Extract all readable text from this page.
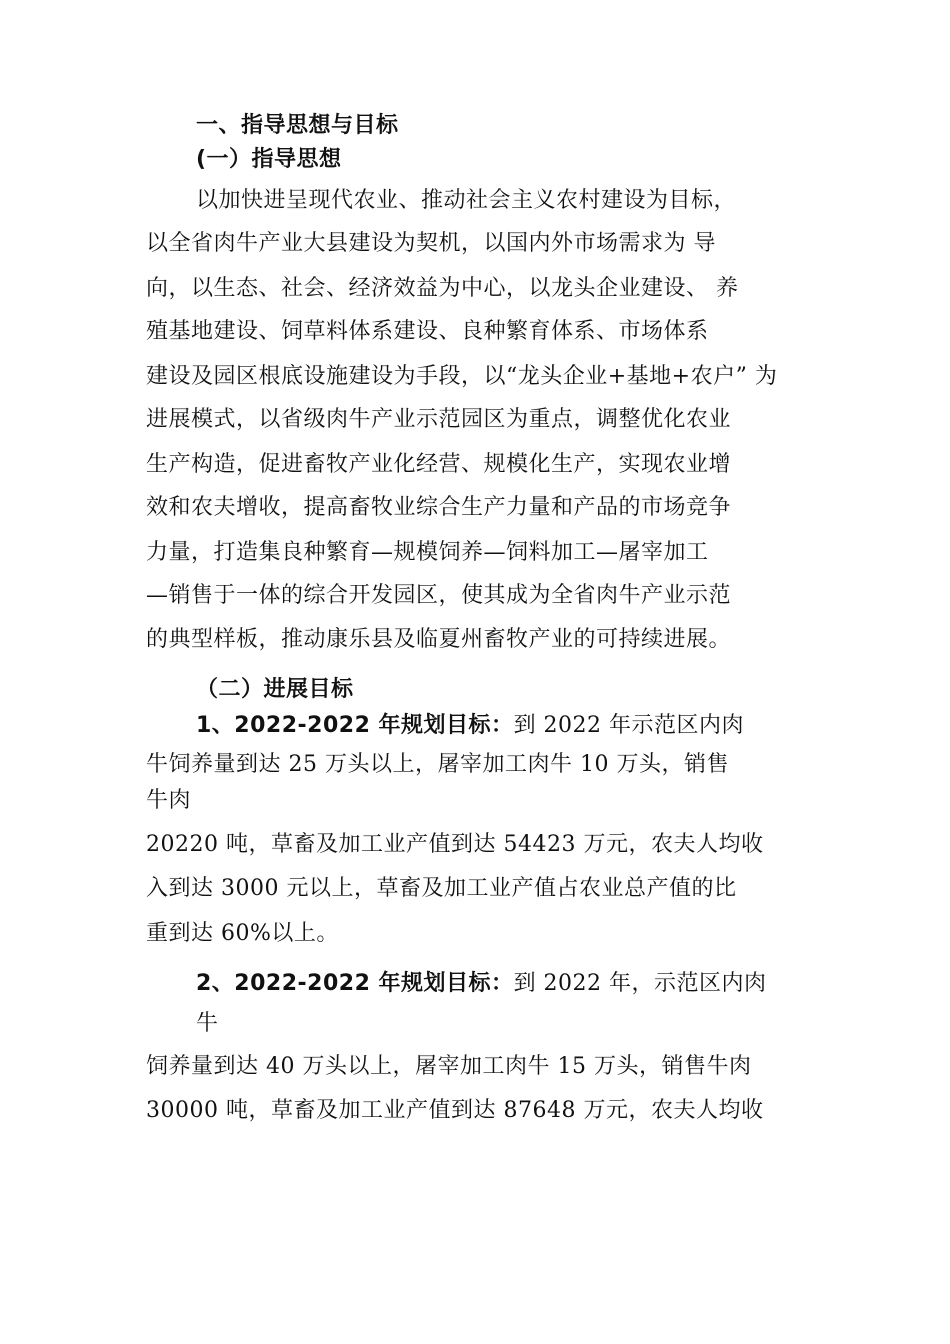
一、指导思想与目标
(一）指导思想
以加快进呈现代农业、推动社会主义农村建设为目标，
以全省肉牛产业大县建设为契机，以国内外市场需求为 导
向，以生态、社会、经济效益为中心，以龙头企业建设、 养
殖基地建设、饲草料体系建设、良种繁育体系、市场体系
建设及园区根底设施建设为手段，以“龙头企业+基地+农户” 为
进展模式，以省级肉牛产业示范园区为重点，调整优化农业
生产构造，促进畜牧产业化经营、规模化生产，实现农业增
效和农夫增收，提高畜牧业综合生产力量和产品的市场竞争
力量，打造集良种繁育—规模饲养—饲料加工—屠宰加工
—销售于一体的综合开发园区，使其成为全省肉牛产业示范
的典型样板，推动康乐县及临夏州畜牧产业的可持续进展。
（二）进展目标
1、2022-2022 年规划目标：到 2022 年示范区内肉
牛饲养量到达 25 万头以上，屠宰加工肉牛 10 万头，销售
牛肉
20220 吨，草畜及加工业产值到达 54423 万元，农夫人均收
入到达 3000 元以上，草畜及加工业产值占农业总产值的比
重到达 60%以上。
2、2022-2022 年规划目标：到 2022 年，示范区内肉
牛
饲养量到达 40 万头以上，屠宰加工肉牛 15 万头，销售牛肉
30000 吨，草畜及加工业产值到达 87648 万元，农夫人均收
